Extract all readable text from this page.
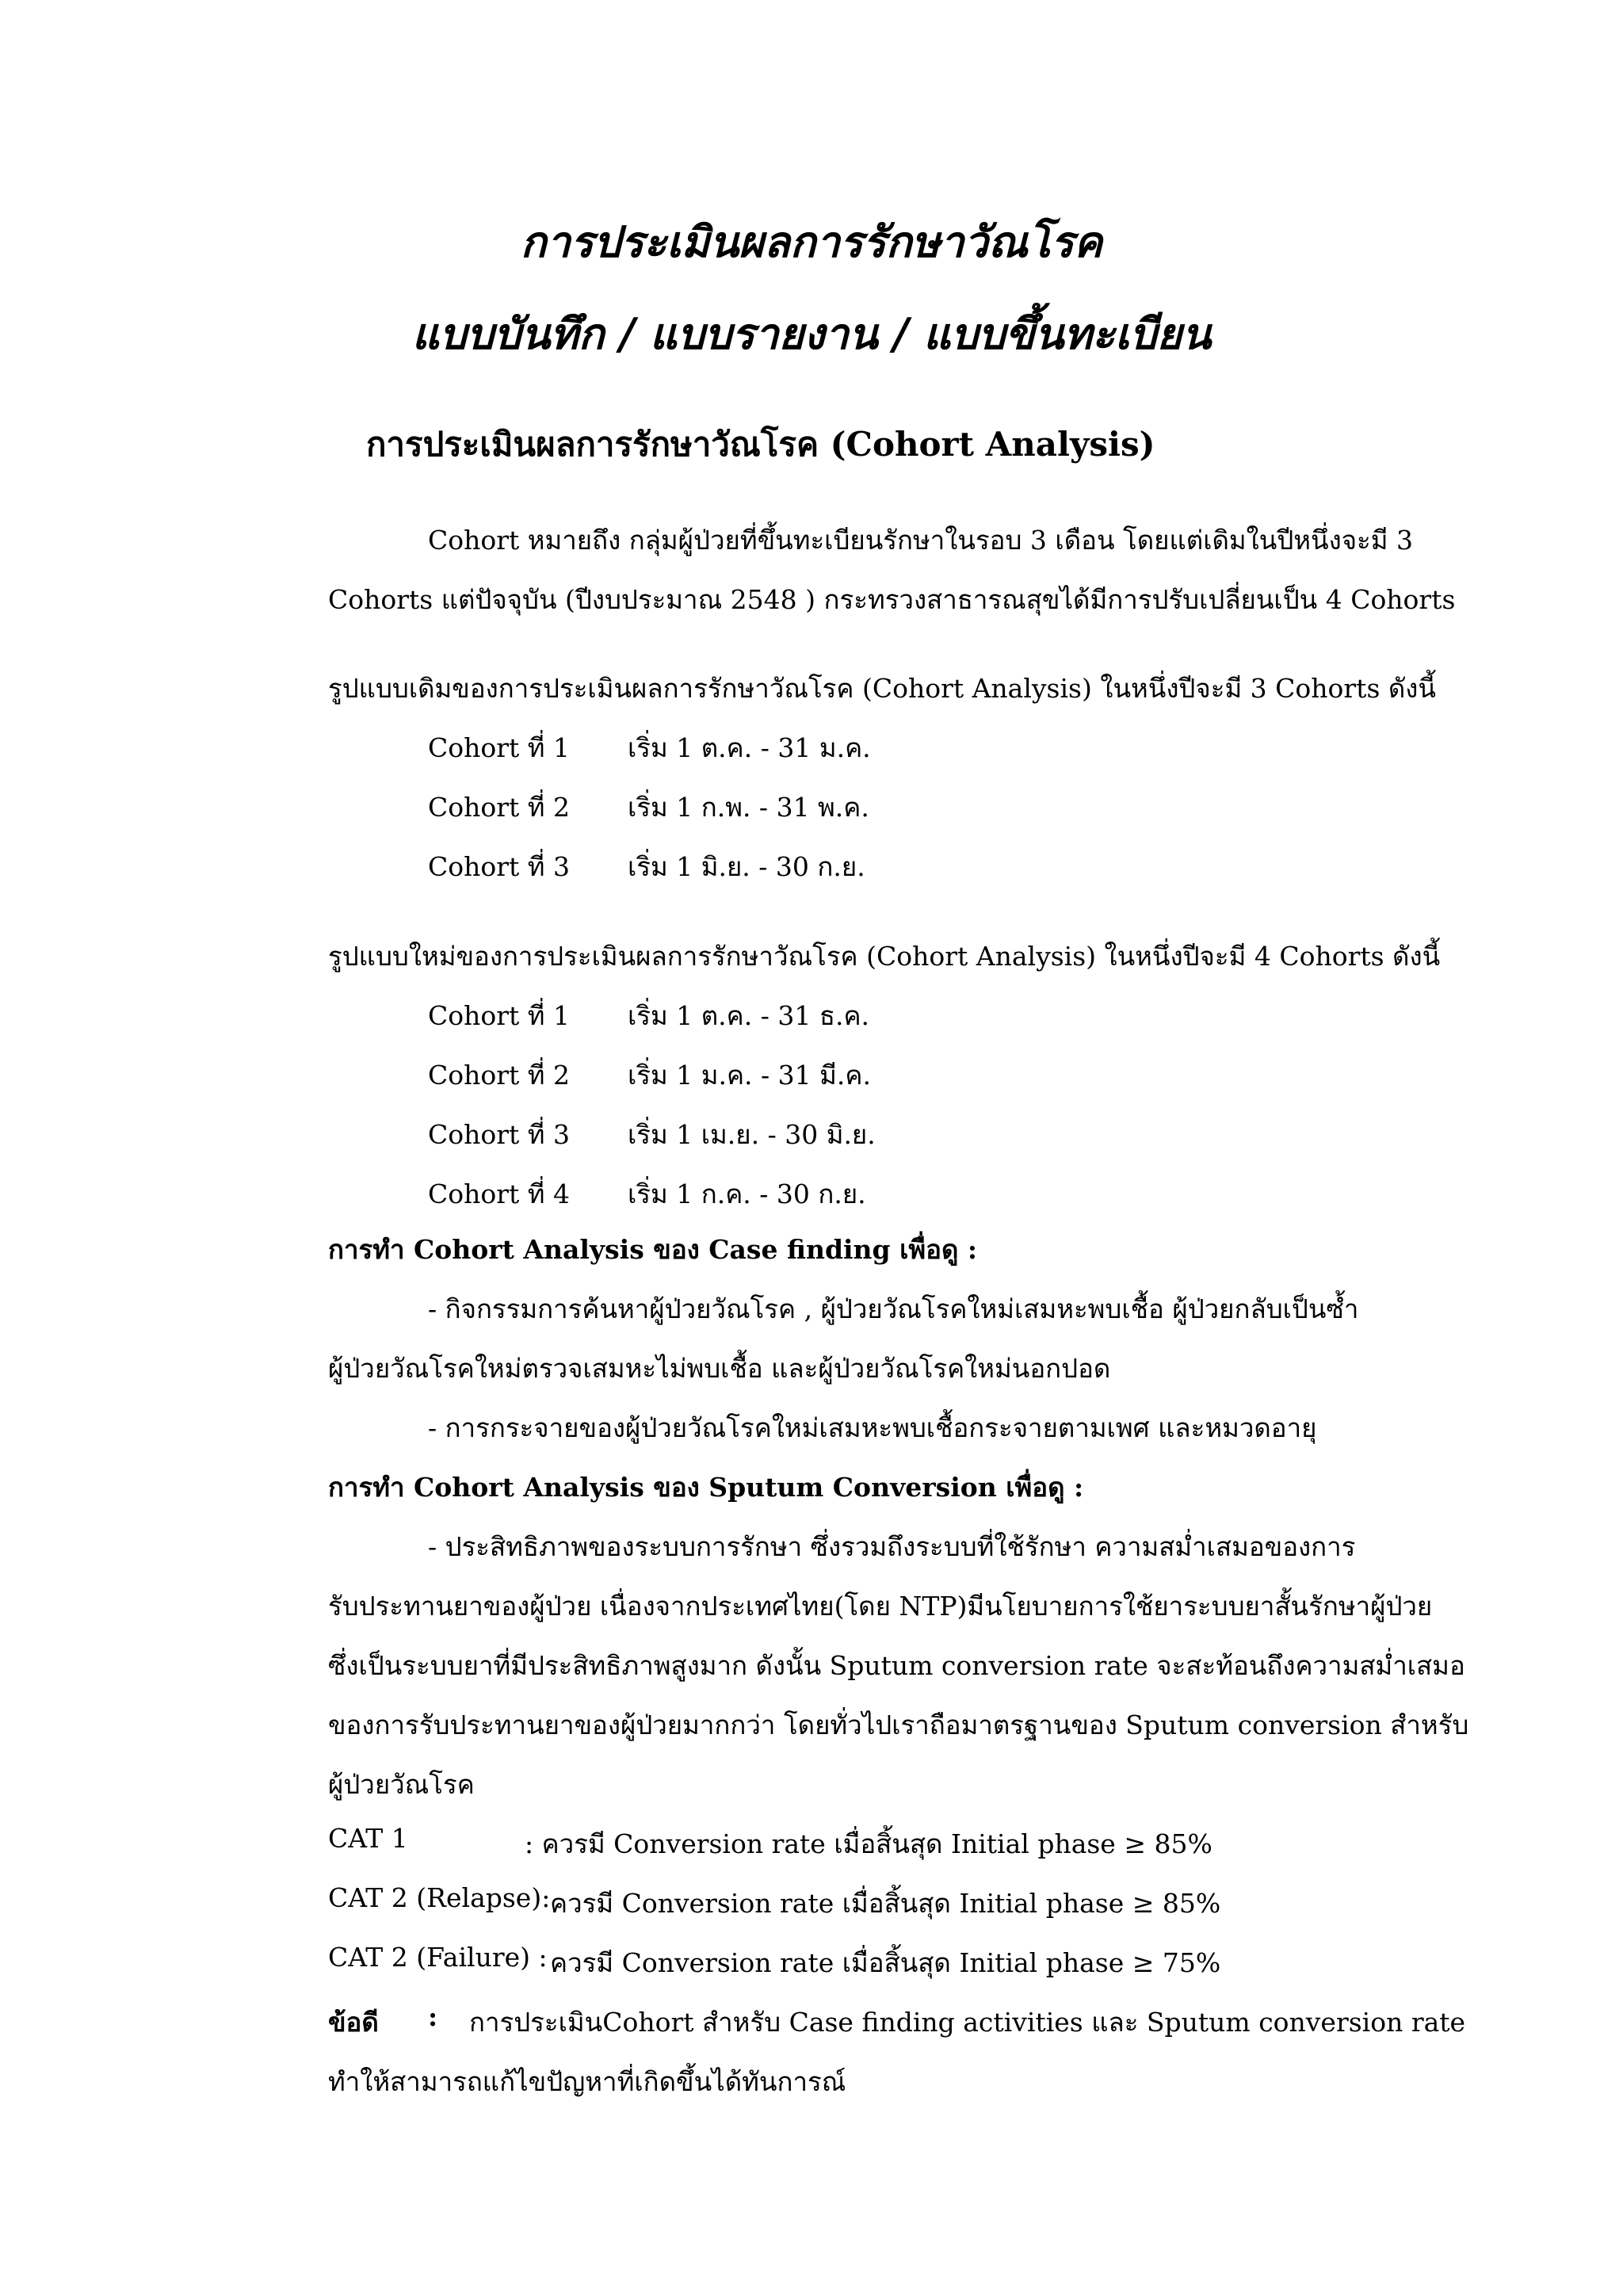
การประเมินผลการรักษาวัณโรค
แบบบันทึก / แบบรายงาน / แบบขึ้นทะเบียน
การประเมินผลการรักษาวัณโรค (Cohort Analysis)
Cohort หมายถึง กลุ่มผู้ป่วยที่ขึ้นทะเบียนรักษาในรอบ 3 เดือน โดยแต่เดิมในปีหนึ่งจะมี 3
Cohorts แต่ปัจจุบัน (ปีงบประมาณ 2548 ) กระทรวงสาธารณสุขได้มีการปรับเปลี่ยนเป็น 4 Cohorts
รูปแบบเดิมของการประเมินผลการรักษาวัณโรค (Cohort Analysis) ในหนึ่งปีจะมี 3 Cohorts ดังนี้
Cohort ที่ 1 เริ่ม 1 ต.ค. - 31 ม.ค.
Cohort ที่ 2 เริ่ม 1 ก.พ. - 31 พ.ค.
Cohort ที่ 3 เริ่ม 1 มิ.ย. - 30 ก.ย.
รูปแบบใหม่ของการประเมินผลการรักษาวัณโรค (Cohort Analysis) ในหนึ่งปีจะมี 4 Cohorts ดังนี้
Cohort ที่ 1 เริ่ม 1 ต.ค. - 31 ธ.ค.
Cohort ที่ 2 เริ่ม 1 ม.ค. - 31 มี.ค.
Cohort ที่ 3 เริ่ม 1 เม.ย. - 30 มิ.ย.
Cohort ที่ 4 เริ่ม 1 ก.ค. - 30 ก.ย.
การทำ Cohort Analysis ของ Case finding เพื่อดู :
- กิจกรรมการค้นหาผู้ป่วยวัณโรค , ผู้ป่วยวัณโรคใหม่เสมหะพบเชื้อ ผู้ป่วยกลับเป็นซ้ำ
ผู้ป่วยวัณโรคใหม่ตรวจเสมหะไม่พบเชื้อ และผู้ป่วยวัณโรคใหม่นอกปอด
- การกระจายของผู้ป่วยวัณโรคใหม่เสมหะพบเชื้อกระจายตามเพศ และหมวดอายุ
การทำ Cohort Analysis ของ Sputum Conversion เพื่อดู :
- ประสิทธิภาพของระบบการรักษา ซึ่งรวมถึงระบบที่ใช้รักษา ความสม่ำเสมอของการ
รับประทานยาของผู้ป่วย เนื่องจากประเทศไทย(โดย NTP)มีนโยบายการใช้ยาระบบยาสั้นรักษาผู้ป่วย
ซึ่งเป็นระบบยาที่มีประสิทธิภาพสูงมาก ดังนั้น Sputum conversion rate จะสะท้อนถึงความสม่ำเสมอ
ของการรับประทานยาของผู้ป่วยมากกว่า โดยทั่วไปเราถือมาตรฐานของ Sputum conversion สำหรับ
ผู้ป่วยวัณโรค
CAT 1	: ควรมี Conversion rate เมื่อสิ้นสุด Initial phase ≥ 85%
CAT 2 (Relapse): ควรมี Conversion rate เมื่อสิ้นสุด Initial phase ≥ 85%
CAT 2 (Failure) : ควรมี Conversion rate เมื่อสิ้นสุด Initial phase ≥ 75%
ข้อดี : การประเมินCohort สำหรับ Case finding activities และ Sputum conversion rate
ทำให้สามารถแก้ไขปัญหาที่เกิดขึ้นได้ทันการณ์
